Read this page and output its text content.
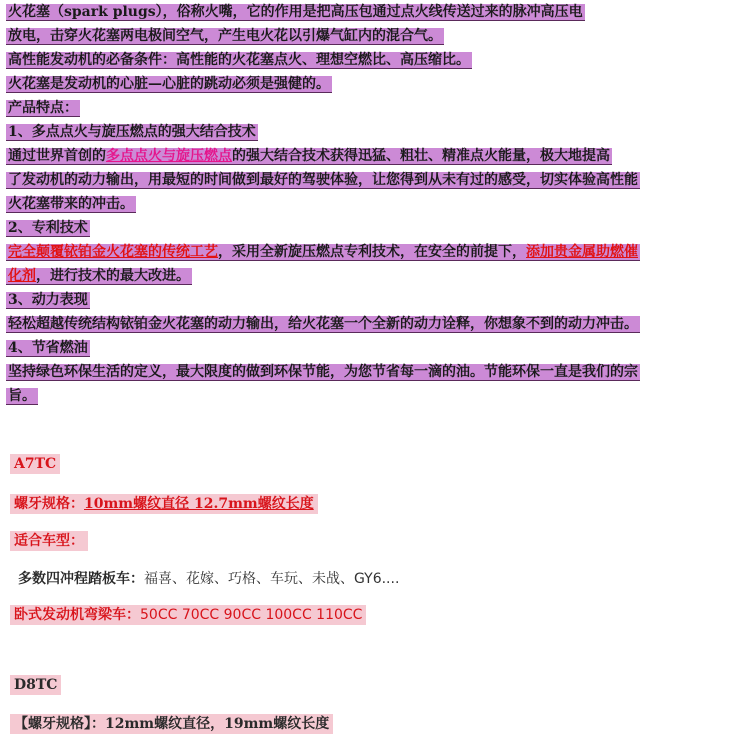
火花塞（spark plugs），俗称火嘴，它的作用是把高压包通过点火线传送过来的脉冲高压电
放电，击穿火花塞两电极间空气，产生电火花以引爆气缸内的混合气。
高性能发动机的必备条件：高性能的火花塞点火、理想空燃比、高压缩比。
火花塞是发动机的心脏—心脏的跳动必须是强健的。
产品特点：
1、多点点火与旋压燃点的强大结合技术
通过世界首创的多点点火与旋压燃点的强大结合技术获得迅猛、粗壮、精准点火能量，极大地提高
了发动机的动力输出，用最短的时间做到最好的驾驶体验，让您得到从未有过的感受，切实体验高性能
火花塞带来的冲击。
2、专利技术
完全颠覆铱铂金火花塞的传统工艺，采用全新旋压燃点专利技术，在安全的前提下，添加贵金属助燃催
化剂，进行技术的最大改进。
3、动力表现
轻松超越传统结构铱铂金火花塞的动力输出，给火花塞一个全新的动力诠释，你想象不到的动力冲击。
4、节省燃油
坚持绿色环保生活的定义，最大限度的做到环保节能，为您节省每一滴的油。节能环保一直是我们的宗
旨。
A7TC
螺牙规格：10mm螺纹直径 12.7mm螺纹长度
适合车型：
多数四冲程踏板车：福喜、花嫁、巧格、车玩、未战、GY6....
卧式发动机弯梁车：50CC 70CC 90CC 100CC 110CC
D8TC
【螺牙规格】：12mm螺纹直径，19mm螺纹长度
